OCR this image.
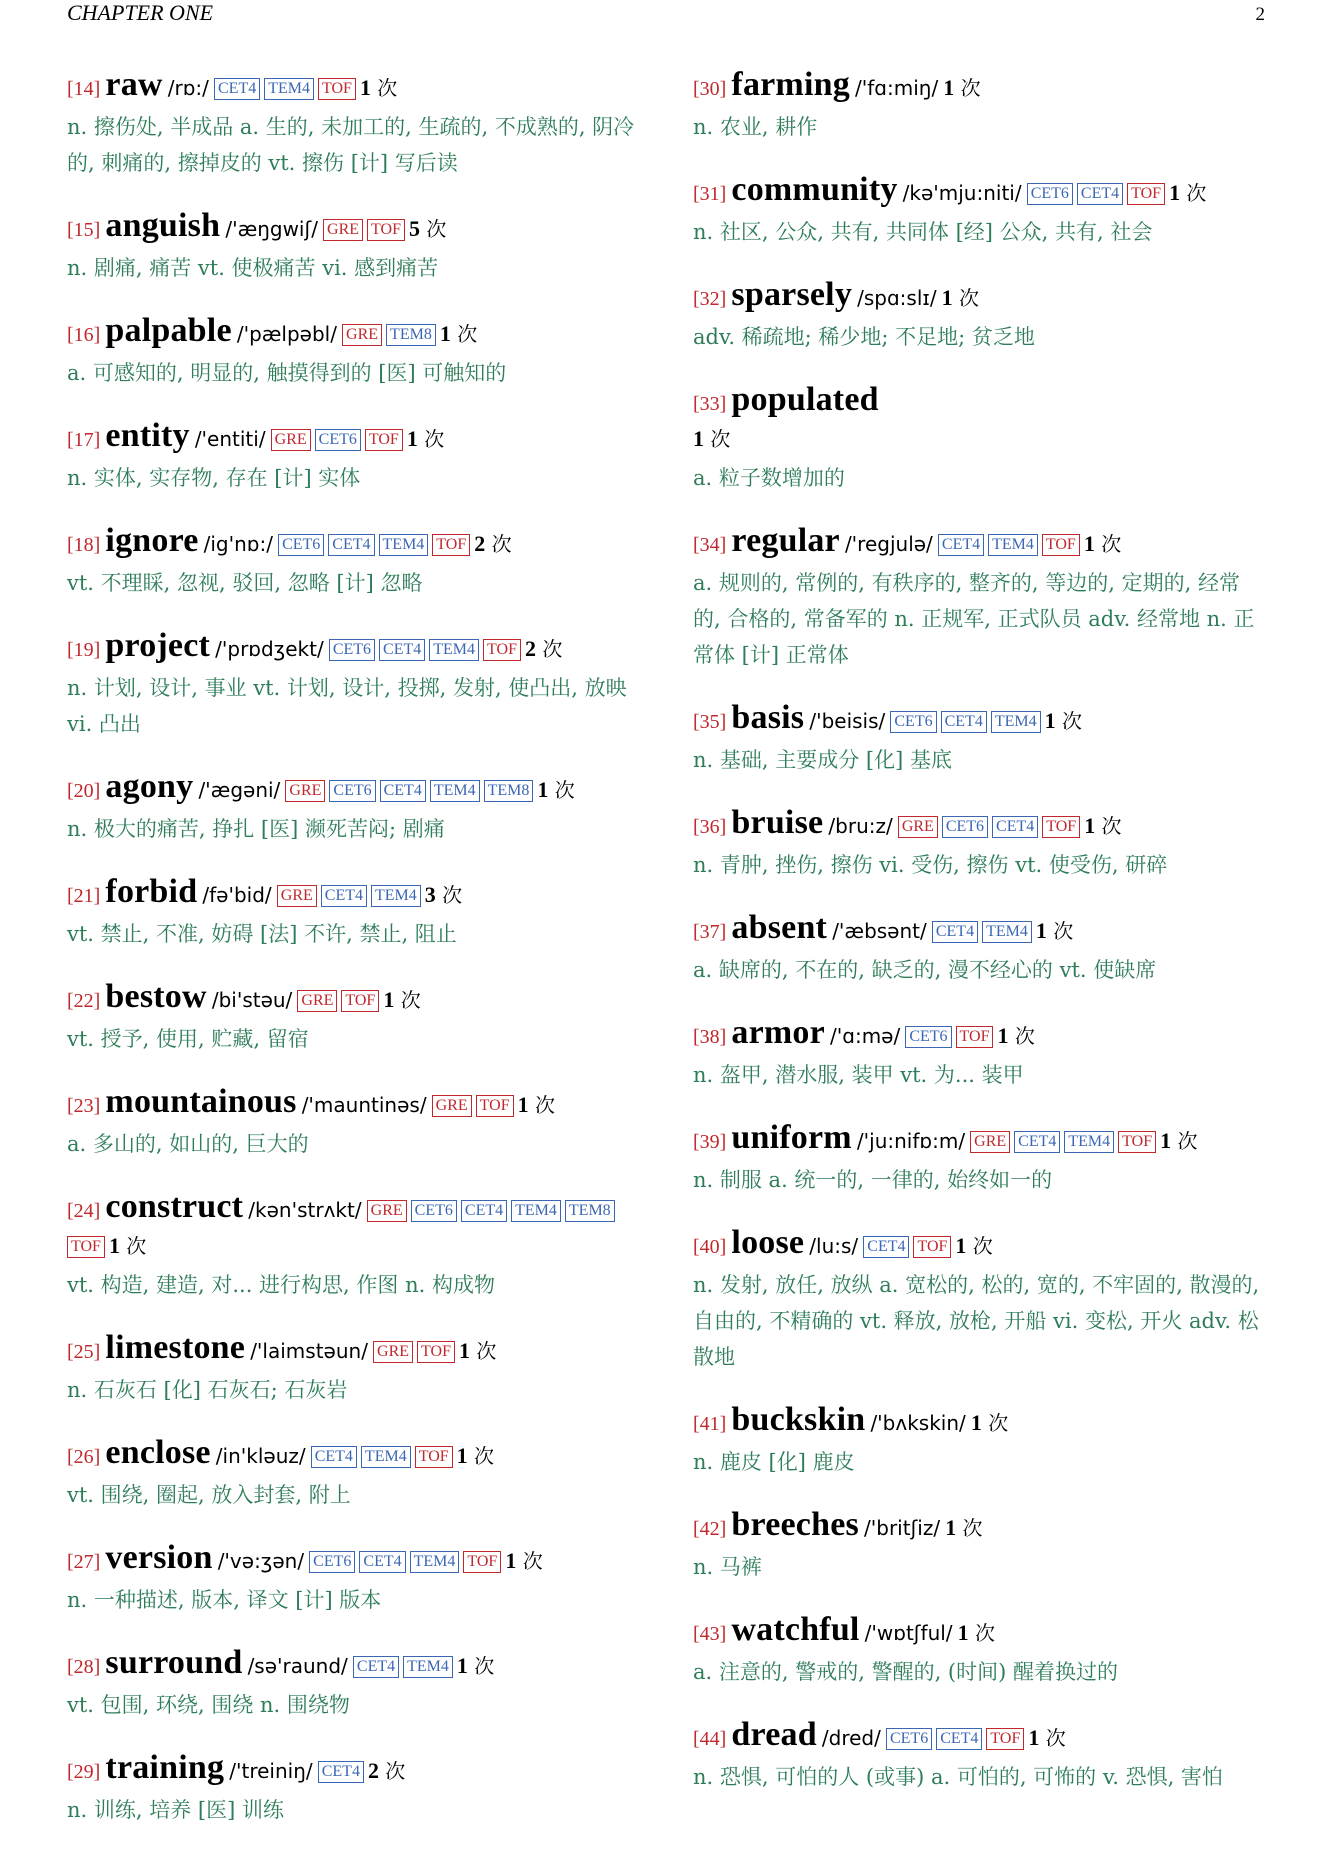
CHAPTER ONE	2
[14] raw /rɒ:/ CET4 TEM4 TOF 1 次
n. 擦伤处, 半成品 a. 生的, 未加工的, 生疏的, 不成熟的, 阴冷的, 刺痛的, 擦掉皮的 vt. 擦伤 [计] 写后读
[15] anguish /'æŋgwiʃ/ GRE TOF 5 次
n. 剧痛, 痛苦 vt. 使极痛苦 vi. 感到痛苦
[16] palpable /'pælpəbl/ GRE TEM8 1 次
a. 可感知的, 明显的, 触摸得到的 [医] 可触知的
[17] entity /'entiti/ GRE CET6 TOF 1 次
n. 实体, 实存物, 存在 [计] 实体
[18] ignore /ig'nɒ:/ CET6 CET4 TEM4 TOF 2 次
vt. 不理睬, 忽视, 驳回, 忽略 [计] 忽略
[19] project /'prɒdʒekt/ CET6 CET4 TEM4 TOF 2 次
n. 计划, 设计, 事业 vt. 计划, 设计, 投掷, 发射, 使凸出, 放映 vi. 凸出
[20] agony /'ægəni/ GRE CET6 CET4 TEM4 TEM8 1 次
n. 极大的痛苦, 挣扎 [医] 濒死苦闷; 剧痛
[21] forbid /fə'bid/ GRE CET4 TEM4 3 次
vt. 禁止, 不准, 妨碍 [法] 不许, 禁止, 阻止
[22] bestow /bi'stəu/ GRE TOF 1 次
vt. 授予, 使用, 贮藏, 留宿
[23] mountainous /'mauntinəs/ GRE TOF 1 次
a. 多山的, 如山的, 巨大的
[24] construct /kən'strʌkt/ GRE CET6 CET4 TEM4 TEM8TOF 1 次
vt. 构造, 建造, 对... 进行构思, 作图 n. 构成物
[25] limestone /'laimstəun/ GRE TOF 1 次
n. 石灰石 [化] 石灰石; 石灰岩
[26] enclose /in'kləuz/ CET4 TEM4 TOF 1 次
vt. 围绕, 圈起, 放入封套, 附上
[27] version /'və:ʒən/ CET6 CET4 TEM4 TOF 1 次
n. 一种描述, 版本, 译文 [计] 版本
[28] surround /sə'raund/ CET4 TEM4 1 次
vt. 包围, 环绕, 围绕 n. 围绕物
[29] training /'treiniŋ/ CET4 2 次
n. 训练, 培养 [医] 训练
[30] farming /'fɑ:miŋ/ 1 次
n. 农业, 耕作
[31] community /kə'mju:niti/ CET6 CET4 TOF 1 次
n. 社区, 公众, 共有, 共同体 [经] 公众, 共有, 社会
[32] sparsely /spɑ:slɪ/ 1 次
adv. 稀疏地; 稀少地; 不足地; 贫乏地
[33] populated
1 次
a. 粒子数增加的
[34] regular /'regjulə/ CET4 TEM4 TOF 1 次
a. 规则的, 常例的, 有秩序的, 整齐的, 等边的, 定期的, 经常的, 合格的, 常备军的 n. 正规军, 正式队员 adv. 经常地 n. 正常体 [计] 正常体
[35] basis /'beisis/ CET6 CET4 TEM4 1 次
n. 基础, 主要成分 [化] 基底
[36] bruise /bru:z/ GRE CET6 CET4 TOF 1 次
n. 青肿, 挫伤, 擦伤 vi. 受伤, 擦伤 vt. 使受伤, 研碎
[37] absent /'æbsənt/ CET4 TEM4 1 次
a. 缺席的, 不在的, 缺乏的, 漫不经心的 vt. 使缺席
[38] armor /'ɑ:mə/ CET6 TOF 1 次
n. 盔甲, 潜水服, 装甲 vt. 为... 装甲
[39] uniform /'ju:nifɒ:m/ GRE CET4 TEM4 TOF 1 次
n. 制服 a. 统一的, 一律的, 始终如一的
[40] loose /lu:s/ CET4 TOF 1 次
n. 发射, 放任, 放纵 a. 宽松的, 松的, 宽的, 不牢固的, 散漫的, 自由的, 不精确的 vt. 释放, 放枪, 开船 vi. 变松, 开火 adv. 松散地
[41] buckskin /'bʌkskin/ 1 次
n. 鹿皮 [化] 鹿皮
[42] breeches /'britʃiz/ 1 次
n. 马裤
[43] watchful /'wɒtʃful/ 1 次
a. 注意的, 警戒的, 警醒的, (时间) 醒着换过的
[44] dread /dred/ CET6 CET4 TOF 1 次
n. 恐惧, 可怕的人 (或事) a. 可怕的, 可怖的 v. 恐惧, 害怕
